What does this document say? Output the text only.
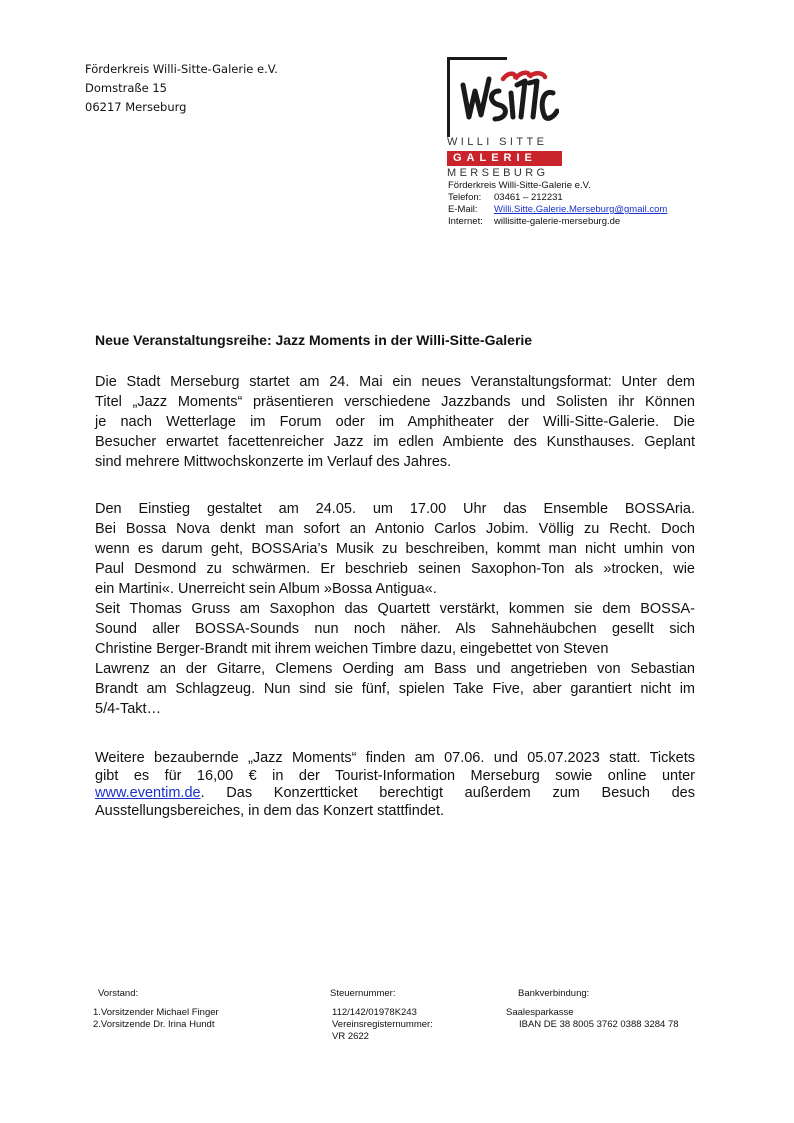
Förderkreis Willi-Sitte-Galerie e.V.
Domstraße 15
06217 Merseburg
WILLI SITTE
GALERIE
MERSEBURG
Förderkreis Willi-Sitte-Galerie e.V.
Telefon: 03461 – 212231
E-Mail: Willi.Sitte.Galerie.Merseburg@gmail.com
Internet: willisitte-galerie-merseburg.de
Neue Veranstaltungsreihe: Jazz Moments in der Willi-Sitte-Galerie
Die Stadt Merseburg startet am 24. Mai ein neues Veranstaltungsformat: Unter dem
Titel „Jazz Moments“ präsentieren verschiedene Jazzbands und Solisten ihr Können
je nach Wetterlage im Forum oder im Amphitheater der Willi-Sitte-Galerie. Die
Besucher erwartet facettenreicher Jazz im edlen Ambiente des Kunsthauses. Geplant
sind mehrere Mittwochskonzerte im Verlauf des Jahres.
Den Einstieg gestaltet am 24.05. um 17.00 Uhr das Ensemble BOSSAria.
Bei Bossa Nova denkt man sofort an Antonio Carlos Jobim. Völlig zu Recht. Doch
wenn es darum geht, BOSSAria’s Musik zu beschreiben, kommt man nicht umhin von
Paul Desmond zu schwärmen. Er beschrieb seinen Saxophon-Ton als »trocken, wie
ein Martini«. Unerreicht sein Album »Bossa Antigua«.
Seit Thomas Gruss am Saxophon das Quartett verstärkt, kommen sie dem BOSSA-
Sound aller BOSSA-Sounds nun noch näher. Als Sahnehäubchen gesellt sich
Christine Berger-Brandt mit ihrem weichen Timbre dazu, eingebettet von Steven
Lawrenz an der Gitarre, Clemens Oerding am Bass und angetrieben von Sebastian
Brandt am Schlagzeug. Nun sind sie fünf, spielen Take Five, aber garantiert nicht im
5/4-Takt…
Weitere bezaubernde „Jazz Moments“ finden am 07.06. und 05.07.2023 statt. Tickets
gibt es für 16,00 € in der Tourist-Information Merseburg sowie online unter
www.eventim.de. Das Konzertticket berechtigt außerdem zum Besuch des
Ausstellungsbereiches, in dem das Konzert stattfindet.
Vorstand:	Steuernummer:	Bankverbindung:
1.Vorsitzender Michael Finger
2.Vorsitzende Dr. Irina Hundt
112/142/01978K243
Vereinsregisternummer:
VR 2622
Saalesparkasse
IBAN DE 38 8005 3762 0388 3284 78
